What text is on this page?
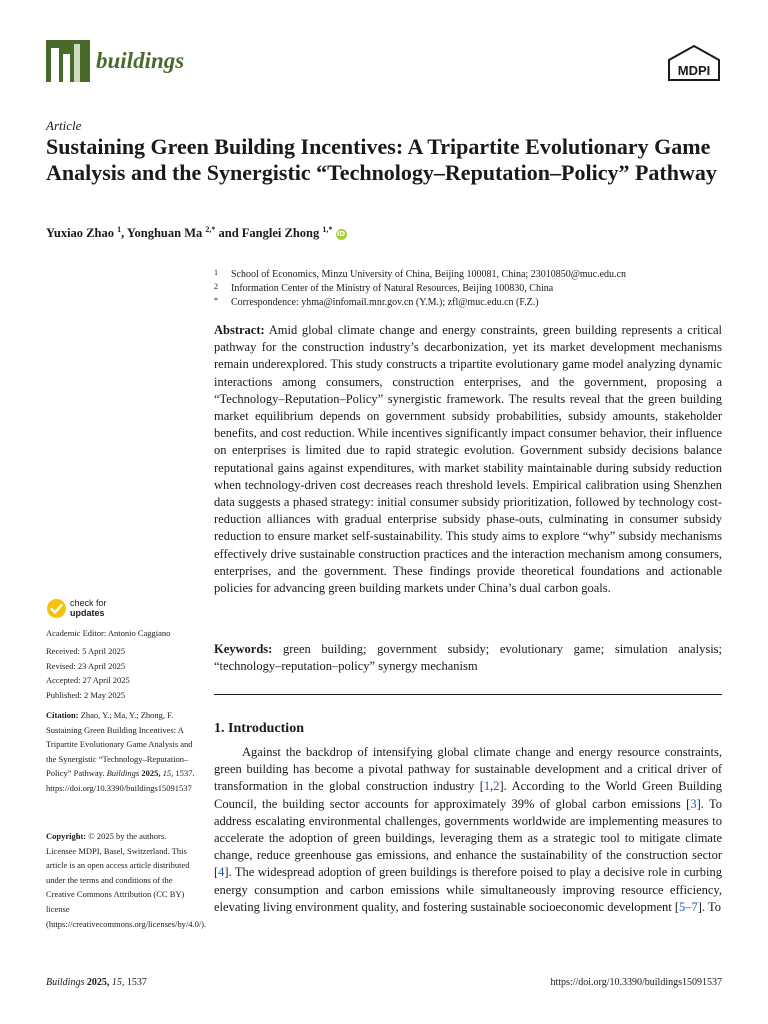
buildings	MDPI
Article
Sustaining Green Building Incentives: A Tripartite Evolutionary Game Analysis and the Synergistic “Technology–Reputation–Policy” Pathway
Yuxiao Zhao $^1$, Yonghuan Ma $^{2,*}$ and Fanglei Zhong $^{1,*}$ iD
1 School of Economics, Minzu University of China, Beijing 100081, China; 23010850@muc.edu.cn
2 Information Center of the Ministry of Natural Resources, Beijing 100830, China
* Correspondence: yhma@infomail.mnr.gov.cn (Y.M.); zfl@muc.edu.cn (F.Z.)

Abstract: Amid global climate change and energy constraints, green building represents a critical pathway for the construction industry’s decarbonization, yet its market development mechanisms remain underexplored. This study constructs a tripartite evolutionary game model analyzing dynamic interactions among consumers, construction enterprises, and the government, proposing a “Technology–Reputation–Policy” synergistic framework. The results reveal that the green building market equilibrium depends on government subsidy probabilities, subsidy amounts, stakeholder benefits, and cost reduction. While incentives significantly impact consumer behavior, their influence on enterprises is limited due to rapid strategic evolution. Government subsidy decisions balance reputational gains against expenditures, with market stability maintainable during subsidy reduction when technology-driven cost decreases reach threshold levels. Empirical calibration using Shenzhen data suggests a phased strategy: initial consumer subsidy prioritization, followed by technology cost-reduction alliances with gradual enterprise subsidy phase-outs, culminating in consumer subsidy reduction to ensure market self-sustainability. This study aims to explore “why” subsidy mechanisms effectively drive sustainable construction practices and the interaction mechanism among consumers, enterprises, and the government. These findings provide theoretical foundations and actionable policies for advancing green building markets under China’s dual carbon goals.

Keywords: green building; government subsidy; evolutionary game; simulation analysis; “technology–reputation–policy” synergy mechanism

1. Introduction

Against the backdrop of intensifying global climate change and energy resource constraints, green building has become a pivotal pathway for sustainable development and a critical driver of transformation in the global construction industry [1,2]. According to the World Green Building Council, the building sector accounts for approximately 39% of global carbon emissions [3]. To address escalating environmental challenges, governments worldwide are implementing measures to accelerate the adoption of green buildings, leveraging them as a strategic tool to mitigate climate change, reduce greenhouse gas emissions, and enhance the sustainability of the construction sector [4]. The widespread adoption of green buildings is therefore poised to play a decisive role in curbing energy consumption and carbon emissions while simultaneously improving resource efficiency, elevating living environment quality, and fostering sustainable socioeconomic development [5–7]. To

check for
updates
Academic Editor: Antonio Caggiano
Received: 5 April 2025
Revised: 23 April 2025
Accepted: 27 April 2025
Published: 2 May 2025
Citation: Zhao, Y.; Ma, Y.; Zhong, F. Sustaining Green Building Incentives: A Tripartite Evolutionary Game Analysis and the Synergistic “Technology–Reputation–Policy” Pathway. Buildings 2025, 15, 1537. https://doi.org/10.3390/buildings15091537
Copyright: © 2025 by the authors. Licensee MDPI, Basel, Switzerland. This article is an open access article distributed under the terms and conditions of the Creative Commons Attribution (CC BY) license (https://creativecommons.org/licenses/by/4.0/).
Buildings 2025, 15, 1537	https://doi.org/10.3390/buildings15091537
